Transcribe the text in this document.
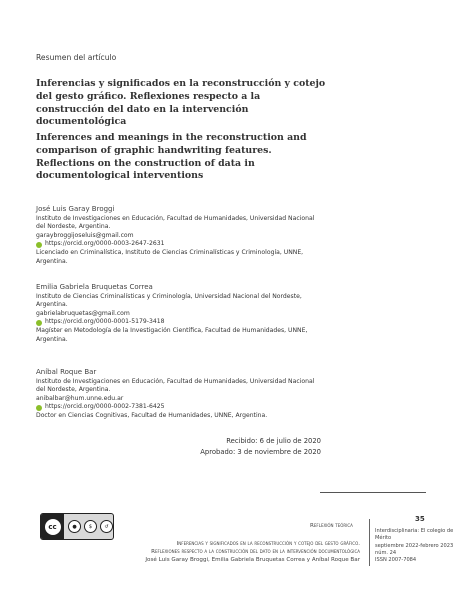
Resumen del artículo
Inferencias y significados en la reconstrucción y cotejo del gesto gráfico. Reflexiones respecto a la construcción del dato en la intervención documentológica
Inferences and meanings in the reconstruction and comparison of graphic handwriting features. Reflections on the construction of data in documentological interventions
José Luis Garay Broggi
Instituto de Investigaciones en Educación, Facultad de Humanidades, Universidad Nacional del Nordeste, Argentina.
garaybroggijoseluis@gmail.com
https://orcid.org/0000-0003-2647-2631
Licenciado en Criminalística, Instituto de Ciencias Criminalísticas y Criminología, UNNE, Argentina.
Emilia Gabriela Bruquetas Correa
Instituto de Ciencias Criminalísticas y Criminología, Universidad Nacional del Nordeste, Argentina.
gabrielabruquetas@gmail.com
https://orcid.org/0000-0001-5179-3418
Magíster en Metodología de la Investigación Científica, Facultad de Humanidades, UNNE, Argentina.
Aníbal Roque Bar
Instituto de Investigaciones en Educación, Facultad de Humanidades, Universidad Nacional del Nordeste, Argentina.
anibalbar@hum.unne.edu.ar
https://orcid.org/0000-0002-7381-6425
Doctor en Ciencias Cognitivas, Facultad de Humanidades, UNNE, Argentina.
Recibido: 6 de julio de 2020
Aprobado: 3 de noviembre de 2020
cc	●	$	↺	Reflexión teórica
Inferencias y significados en la reconstrucción y cotejo del gesto gráfico.
Reflexiones respecto a la construcción del dato en la intervención documentológica
José Luis Garay Broggi, Emilia Gabriela Bruquetas Correa y Aníbal Roque Bar
35
Interdisciplinaria: El colegio de Mérito
septiembre 2022-febrero 2023
núm. 24
ISSN 2007-7084
